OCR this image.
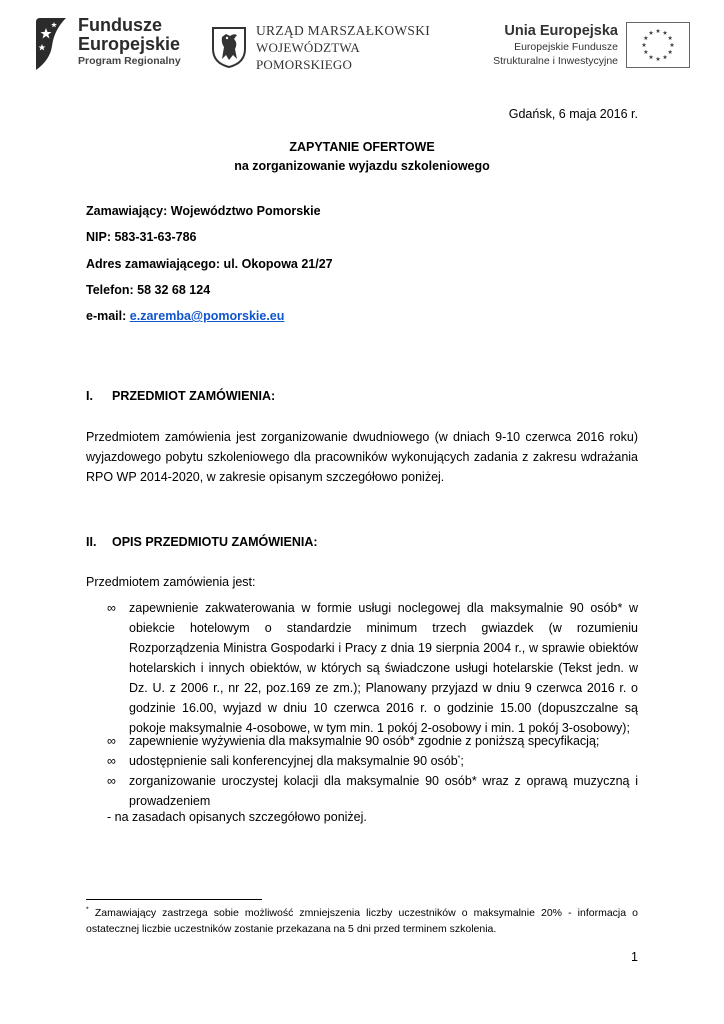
Fundusze
Europejskie
Program Regionalny
URZĄD MARSZAŁKOWSKI
WOJEWÓDZTWA POMORSKIEGO
Unia Europejska
Europejskie Fundusze
Strukturalne i Inwestycyjne
Gdańsk, 6 maja 2016 r.
ZAPYTANIE OFERTOWE
na zorganizowanie wyjazdu szkoleniowego
Zamawiający: Województwo Pomorskie
NIP: 583-31-63-786
Adres zamawiającego: ul. Okopowa 21/27
Telefon: 58 32 68 124
e-mail: e.zaremba@pomorskie.eu
I.	PRZEDMIOT ZAMÓWIENIA:
Przedmiotem zamówienia jest zorganizowanie dwudniowego (w dniach 9-10 czerwca 2016 roku) wyjazdowego pobytu szkoleniowego dla pracowników wykonujących zadania z zakresu wdrażania RPO WP 2014-2020, w zakresie opisanym szczegółowo poniżej.
II.	OPIS PRZEDMIOTU ZAMÓWIENIA:
Przedmiotem zamówienia jest:
∞ zapewnienie zakwaterowania w formie usługi noclegowej dla maksymalnie 90 osób* w obiekcie hotelowym o standardzie minimum trzech gwiazdek (w rozumieniu Rozporządzenia Ministra Gospodarki i Pracy z dnia 19 sierpnia 2004 r., w sprawie obiektów hotelarskich i innych obiektów, w których są świadczone usługi hotelarskie (Tekst jedn. w Dz. U. z 2006 r., nr 22, poz.169 ze zm.); Planowany przyjazd w dniu 9 czerwca 2016 r. o godzinie 16.00, wyjazd w dniu 10 czerwca 2016 r. o godzinie 15.00 (dopuszczalne są pokoje maksymalnie 4-osobowe, w tym min. 1 pokój 2-osobowy i min. 1 pokój 3-osobowy);
∞ zapewnienie wyżywienia dla maksymalnie 90 osób* zgodnie z poniższą specyfikacją;
∞ udostępnienie sali konferencyjnej dla maksymalnie 90 osób*;
∞ zorganizowanie uroczystej kolacji dla maksymalnie 90 osób* wraz z oprawą muzyczną i prowadzeniem
- na zasadach opisanych szczegółowo poniżej.
* Zamawiający zastrzega sobie możliwość zmniejszenia liczby uczestników o maksymalnie 20% - informacja o ostatecznej liczbie uczestników zostanie przekazana na 5 dni przed terminem szkolenia.
1
